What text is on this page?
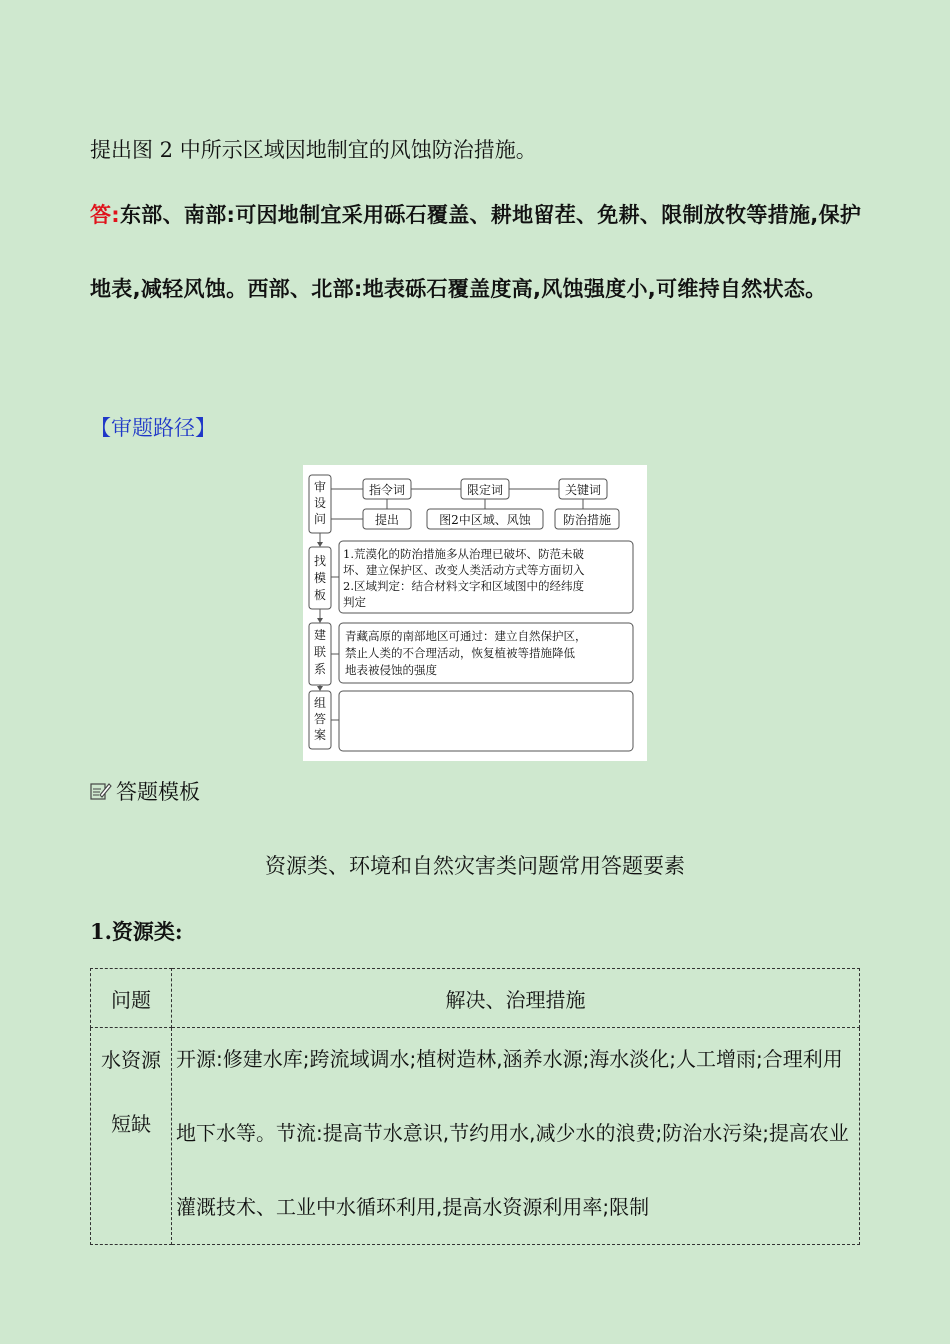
提出图 2 中所示区域因地制宜的风蚀防治措施。
答:东部、南部:可因地制宜采用砾石覆盖、耕地留茬、免耕、限制放牧等措施,保护地表,减轻风蚀。西部、北部:地表砾石覆盖度高,风蚀强度小,可维持自然状态。
【审题路径】
审设问
找模板
建联系
组答案
指令词	限定词	关键词
提出	图2中区域、风蚀	防治措施
1.荒漠化的防治措施多从治理已破坏、防范未破
坏、建立保护区、改变人类活动方式等方面切入
2.区域判定：结合材料文字和区域图中的经纬度
判定
青藏高原的南部地区可通过：建立自然保护区，
禁止人类的不合理活动，恢复植被等措施降低
地表被侵蚀的强度
答题模板
资源类、环境和自然灾害类问题常用答题要素
1.资源类:
问题	解决、治理措施

水资源短缺	开源:修建水库;跨流域调水;植树造林,涵养水源;海水淡化;人工增雨;合理利用地下水等。节流:提高节水意识,节约用水,减少水的浪费;防治水污染;提高农业灌溉技术、工业中水循环利用,提高水资源利用率;限制
